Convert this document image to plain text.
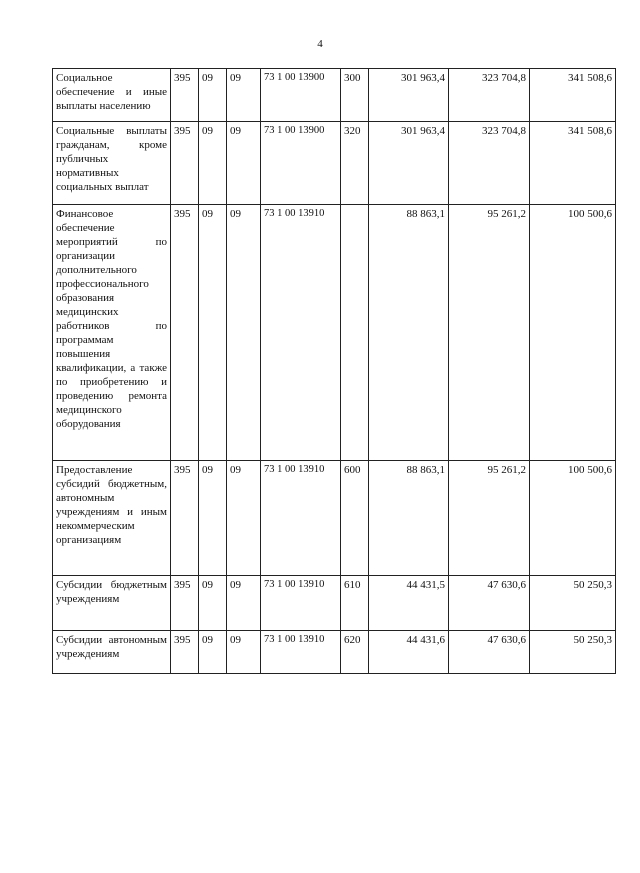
4
Социальное обеспечение и иные выплаты населению	395	09	09	73 1 00 13900	300	301 963,4	323 704,8	341 508,6
Социальные выплаты гражданам, кроме публичных нормативных социальных выплат	395	09	09	73 1 00 13900	320	301 963,4	323 704,8	341 508,6
Финансовое обеспечение мероприятий по организации дополнительного профессионального образования медицинских работников по программам повышения квалификации, а также по приобретению и проведению ремонта медицинского оборудования	395	09	09	73 1 00 13910		88 863,1	95 261,2	100 500,6
Предоставление субсидий бюджетным, автономным учреждениям и иным некоммерческим организациям	395	09	09	73 1 00 13910	600	88 863,1	95 261,2	100 500,6
Субсидии бюджетным учреждениям	395	09	09	73 1 00 13910	610	44 431,5	47 630,6	50 250,3
Субсидии автономным учреждениям	395	09	09	73 1 00 13910	620	44 431,6	47 630,6	50 250,3
